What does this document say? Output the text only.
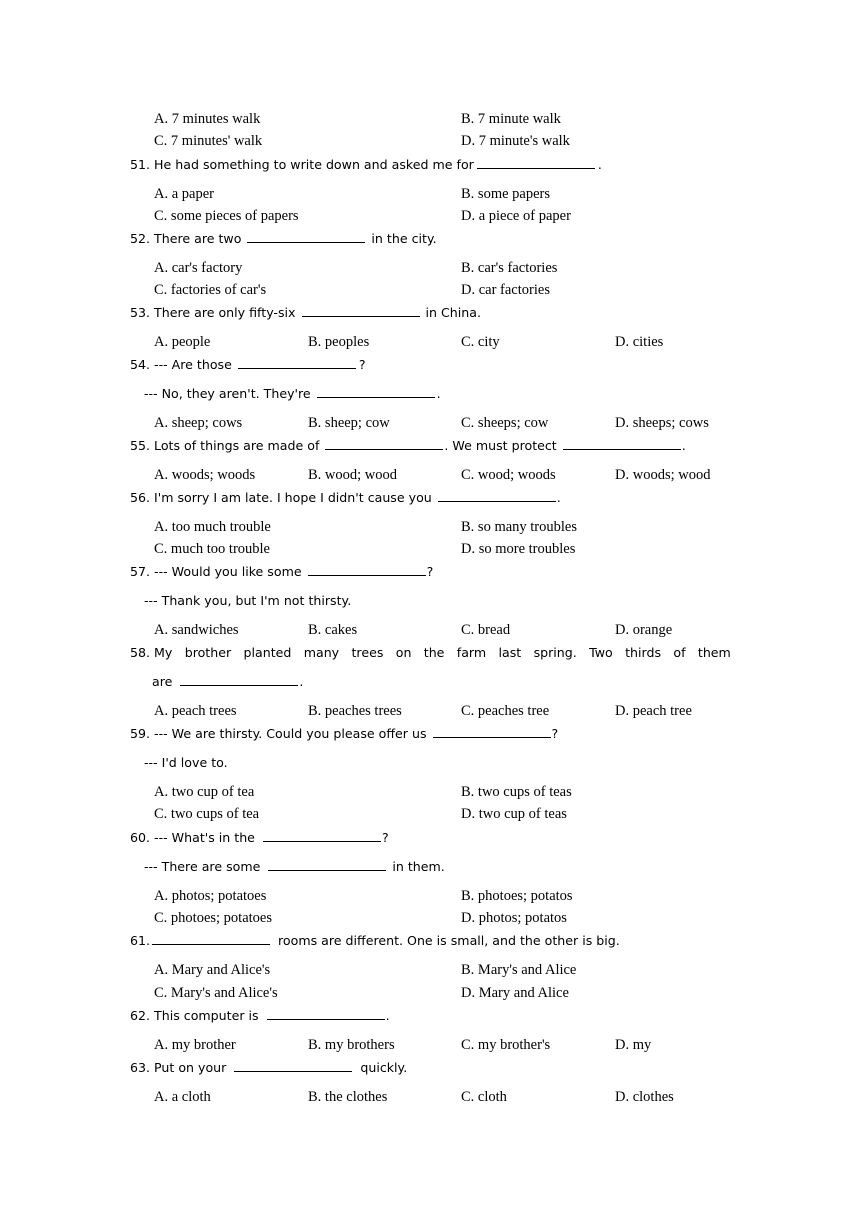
A. 7 minutes walk	B. 7 minute walk
C. 7 minutes' walk	D. 7 minute's walk
51. He had something to write down and asked me for	.
A. a paper	B. some papers
C. some pieces of papers	D. a piece of paper
52. There are two	in the city.
A. car's factory	B. car's factories
C. factories of car's	D. car factories
53. There are only fifty-six	in China.
A. people	B. peoples	C. city	D. cities
54. --- Are those	?
--- No, they aren't. They're	.
A. sheep; cows	B. sheep; cow	C. sheeps; cow	D. sheeps; cows
55. Lots of things are made of	. We must protect	.
A. woods; woods	B. wood; wood	C. wood; woods	D. woods; wood
56. I'm sorry I am late. I hope I didn't cause you	.
A. too much trouble	B. so many troubles
C. much too trouble	D. so more troubles
57. --- Would you like some	?
--- Thank you, but I'm not thirsty.
A. sandwiches	B. cakes	C. bread	D. orange
58. My brother planted many trees on the farm last spring. Two thirds of them
are	.
A. peach trees	B. peaches trees	C. peaches tree	D. peach tree
59. --- We are thirsty. Could you please offer us	?
--- I'd love to.
A. two cup of tea	B. two cups of teas
C. two cups of tea	D. two cup of teas
60. --- What's in the	?
--- There are some	in them.
A. photos; potatoes	B. photoes; potatos
C. photoes; potatoes	D. photos; potatos
61.	rooms are different. One is small, and the other is big.
A. Mary and Alice's	B. Mary's and Alice
C. Mary's and Alice's	D. Mary and Alice
62. This computer is	.
A. my brother	B. my brothers	C. my brother's	D. my
63. Put on your	quickly.
A. a cloth	B. the clothes	C. cloth	D. clothes
